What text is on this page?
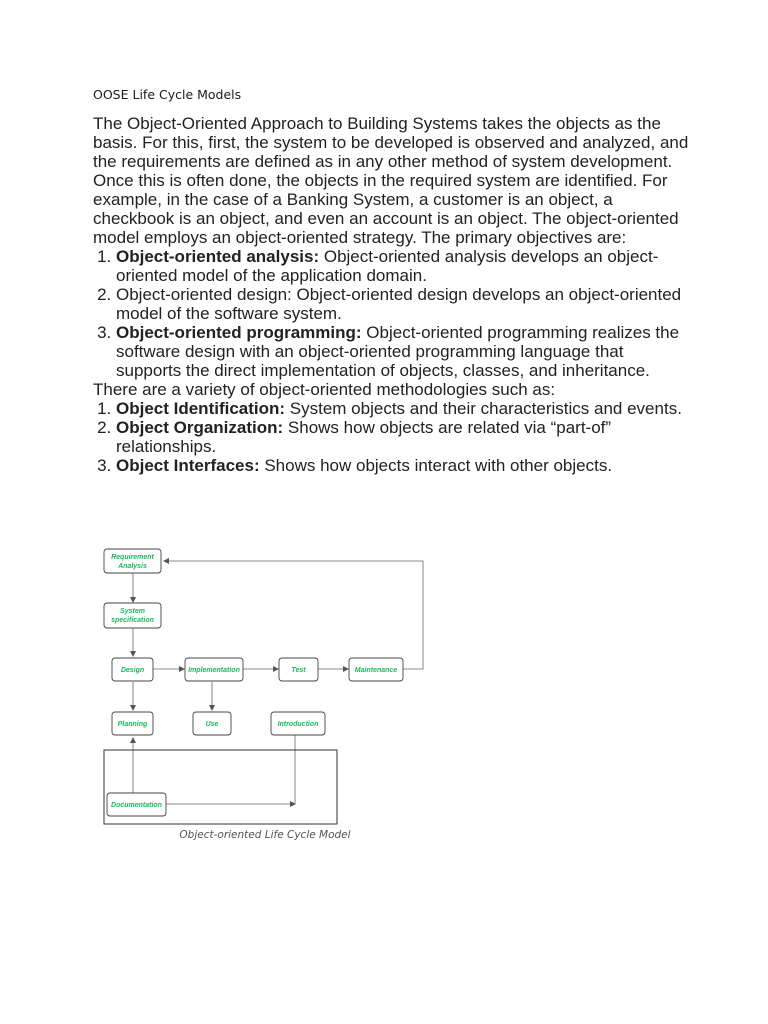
OOSE Life Cycle Models

The Object-Oriented Approach to Building Systems takes the objects as the basis. For this, first, the system to be developed is observed and analyzed, and the requirements are defined as in any other method of system development. Once this is often done, the objects in the required system are identified. For example, in the case of a Banking System, a customer is an object, a checkbook is an object, and even an account is an object. The object-oriented model employs an object-oriented strategy. The primary objectives are:

1. Object-oriented analysis: Object-oriented analysis develops an object-oriented model of the application domain.
2. Object-oriented design: Object-oriented design develops an object-oriented model of the software system.
3. Object-oriented programming: Object-oriented programming realizes the software design with an object-oriented programming language that supports the direct implementation of objects, classes, and inheritance.

There are a variety of object-oriented methodologies such as:

1. Object Identification: System objects and their characteristics and events.
2. Object Organization: Shows how objects are related via “part-of” relationships.
3. Object Interfaces: Shows how objects interact with other objects.
Requirement
Analysis
System
specification
Design	Implementation	Test	Maintenance
Planning	Use	Introduction
Documentation
Object-oriented Life Cycle Model
